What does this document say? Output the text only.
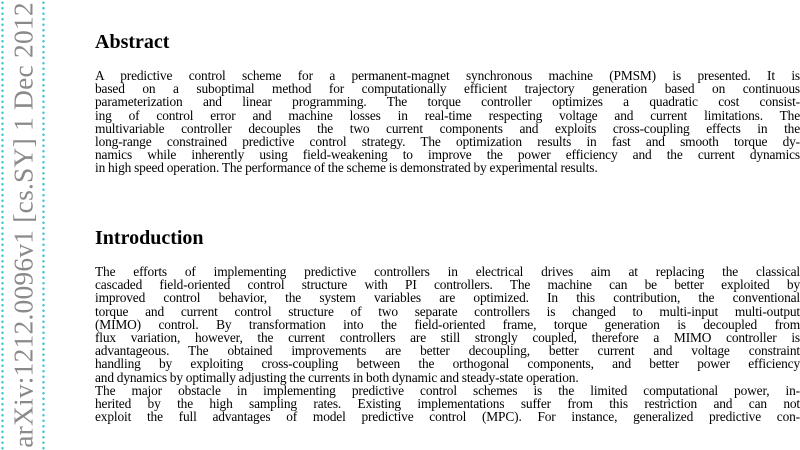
arXiv:1212.0096v1 [cs.SY] 1 Dec 2012	Abstract
A predictive control scheme for a permanent-magnet synchronous machine (PMSM) is presented. It is
based on a suboptimal method for computationally efficient trajectory generation based on continuous
parameterization and linear programming. The torque controller optimizes a quadratic cost consist-
ing of control error and machine losses in real-time respecting voltage and current limitations. The
multivariable controller decouples the two current components and exploits cross-coupling effects in the
long-range constrained predictive control strategy. The optimization results in fast and smooth torque dy-
namics while inherently using field-weakening to improve the power efficiency and the current dynamics
in high speed operation. The performance of the scheme is demonstrated by experimental results.
Introduction
The efforts of implementing predictive controllers in electrical drives aim at replacing the classical
cascaded field-oriented control structure with PI controllers. The machine can be better exploited by
improved control behavior, the system variables are optimized. In this contribution, the conventional
torque and current control structure of two separate controllers is changed to multi-input multi-output
(MIMO) control. By transformation into the field-oriented frame, torque generation is decoupled from
flux variation, however, the current controllers are still strongly coupled, therefore a MIMO controller is
advantageous. The obtained improvements are better decoupling, better current and voltage constraint
handling by exploiting cross-coupling between the orthogonal components, and better power efficiency
and dynamics by optimally adjusting the currents in both dynamic and steady-state operation.
The major obstacle in implementing predictive control schemes is the limited computational power, in-
herited by the high sampling rates. Existing implementations suffer from this restriction and can not
exploit the full advantages of model predictive control (MPC). For instance, generalized predictive con-
